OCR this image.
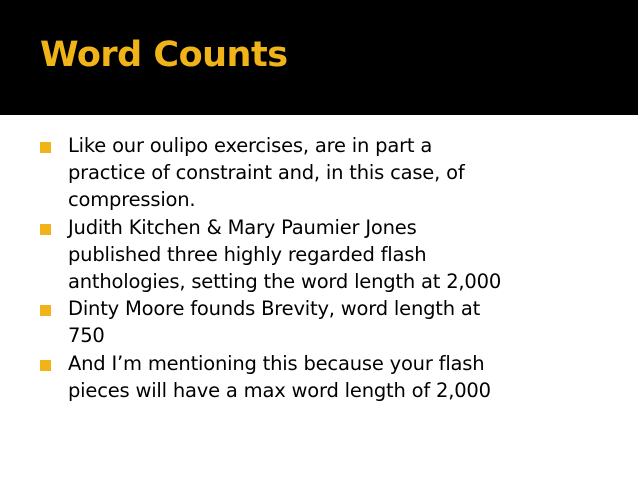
Word Counts
Like our oulipo exercises, are in part a
practice of constraint and, in this case, of
compression.
Judith Kitchen & Mary Paumier Jones
published three highly regarded flash
anthologies, setting the word length at 2,000
Dinty Moore founds Brevity, word length at
750
And I’m mentioning this because your flash
pieces will have a max word length of 2,000
